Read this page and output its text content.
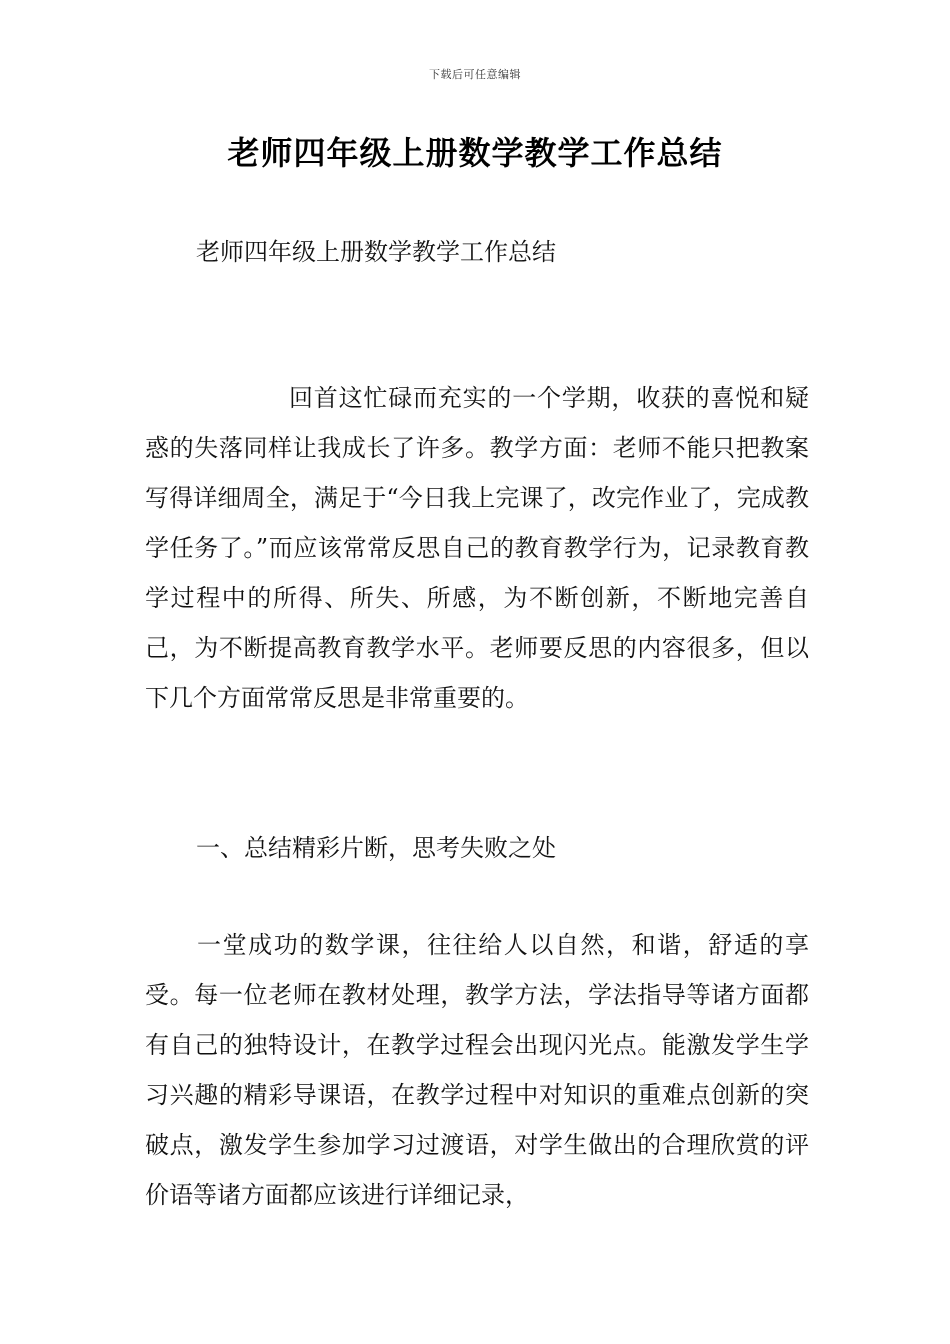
下载后可任意编辑
老师四年级上册数学教学工作总结
老师四年级上册数学教学工作总结
回首这忙碌而充实的一个学期，收获的喜悦和疑惑的失落同样让我成长了许多。教学方面：老师不能只把教案写得详细周全，满足于“今日我上完课了，改完作业了，完成教学任务了。”而应该常常反思自己的教育教学行为，记录教育教学过程中的所得、所失、所感，为不断创新，不断地完善自己，为不断提高教育教学水平。老师要反思的内容很多，但以下几个方面常常反思是非常重要的。
一、总结精彩片断，思考失败之处
一堂成功的数学课，往往给人以自然，和谐，舒适的享受。每一位老师在教材处理，教学方法，学法指导等诸方面都有自己的独特设计，在教学过程会出现闪光点。能激发学生学习兴趣的精彩导课语，在教学过程中对知识的重难点创新的突破点，激发学生参加学习过渡语，对学生做出的合理欣赏的评价语等诸方面都应该进行详细记录，
